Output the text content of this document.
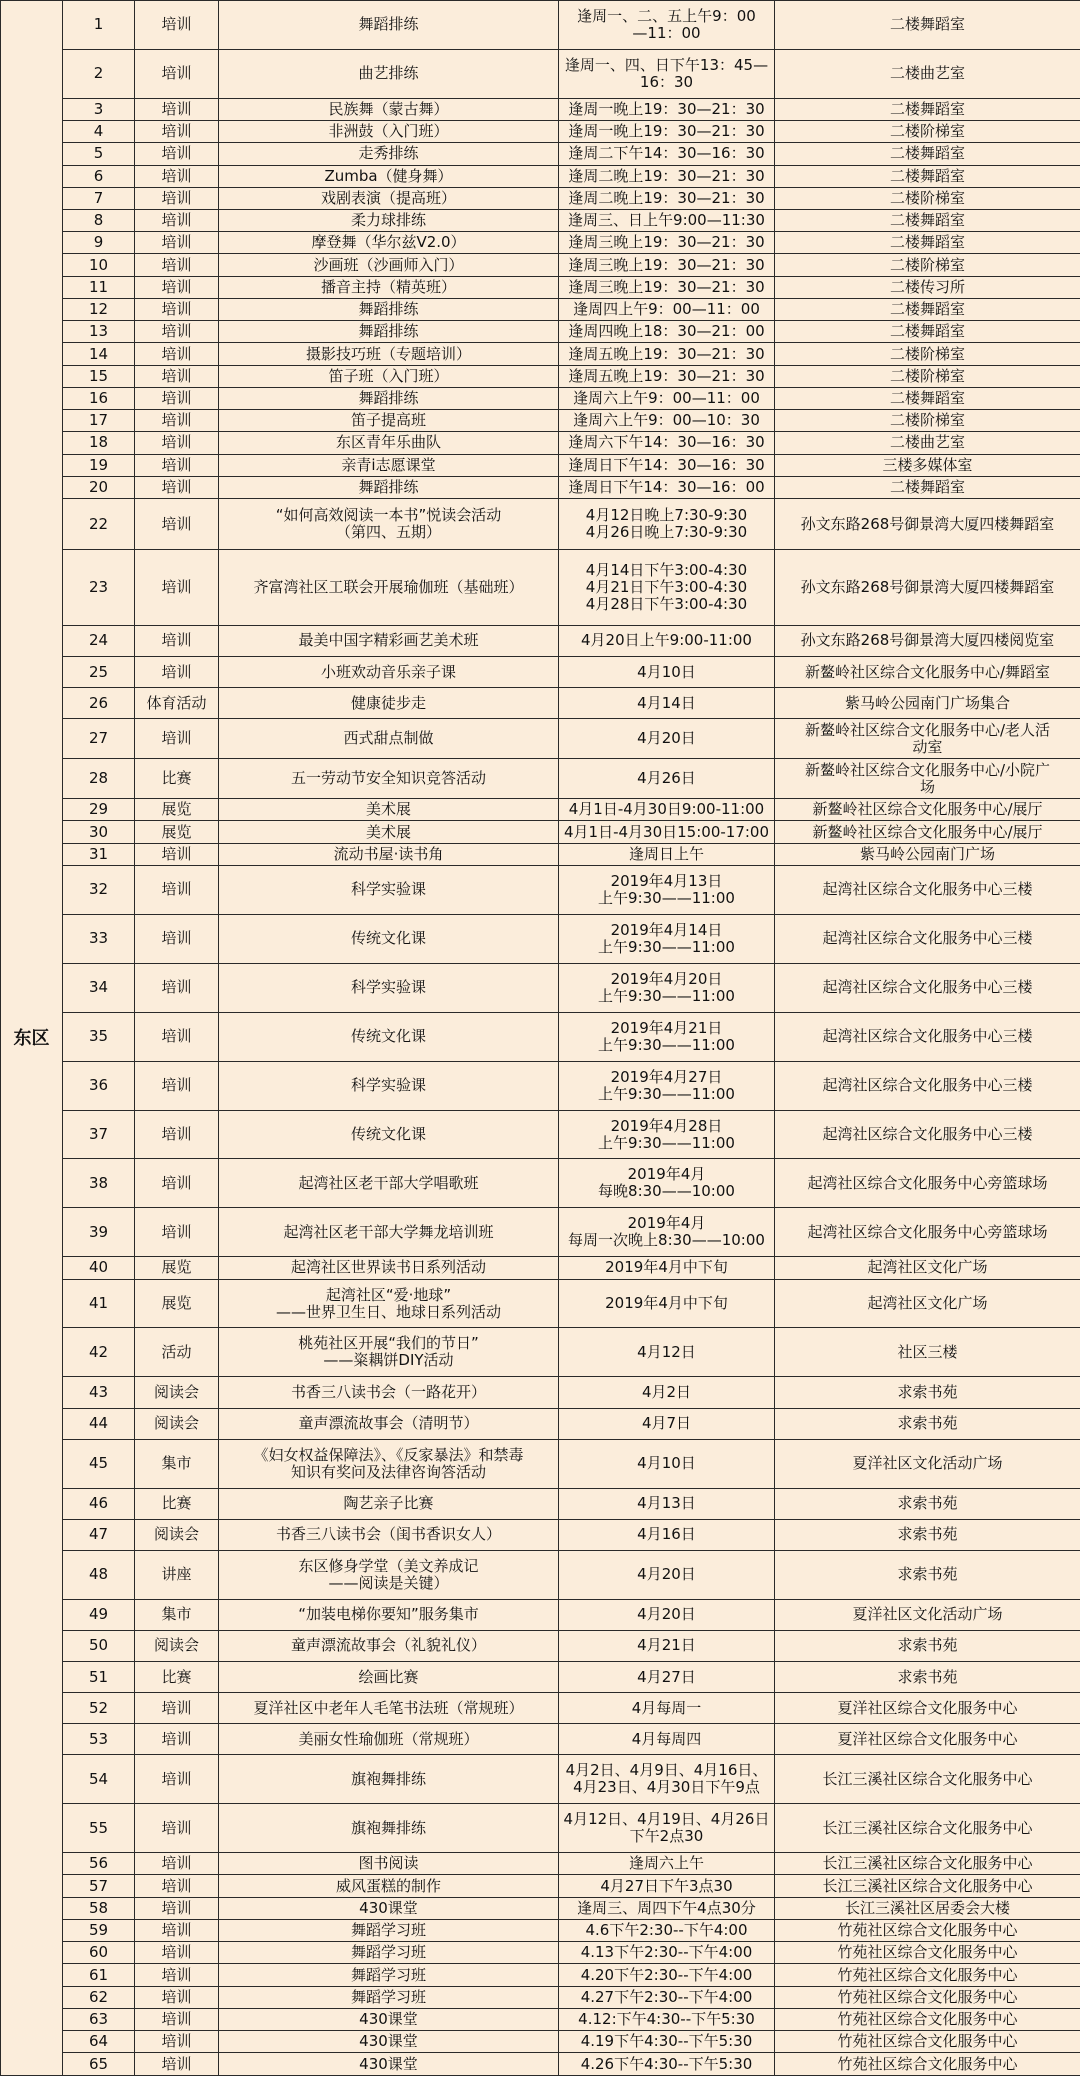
东区	1	培训	舞蹈排练	逢周一、二、五上午9：00
—11：00	二楼舞蹈室
	2	培训	曲艺排练	逢周一、四、日下午13：45—
16：30	二楼曲艺室
	3	培训	民族舞（蒙古舞）	逢周一晚上19：30—21：30	二楼舞蹈室
	4	培训	非洲鼓（入门班）	逢周一晚上19：30—21：30	二楼阶梯室
	5	培训	走秀排练	逢周二下午14：30—16：30	二楼舞蹈室
	6	培训	Zumba（健身舞）	逢周二晚上19：30—21：30	二楼舞蹈室
	7	培训	戏剧表演（提高班）	逢周二晚上19：30—21：30	二楼阶梯室
	8	培训	柔力球排练	逢周三、日上午9:00—11:30	二楼舞蹈室
	9	培训	摩登舞（华尔兹V2.0）	逢周三晚上19：30—21：30	二楼舞蹈室
	10	培训	沙画班（沙画师入门）	逢周三晚上19：30—21：30	二楼阶梯室
	11	培训	播音主持（精英班）	逢周三晚上19：30—21：30	二楼传习所
	12	培训	舞蹈排练	逢周四上午9：00—11：00	二楼舞蹈室
	13	培训	舞蹈排练	逢周四晚上18：30—21：00	二楼舞蹈室
	14	培训	摄影技巧班（专题培训）	逢周五晚上19：30—21：30	二楼阶梯室
	15	培训	笛子班（入门班）	逢周五晚上19：30—21：30	二楼阶梯室
	16	培训	舞蹈排练	逢周六上午9：00—11：00	二楼舞蹈室
	17	培训	笛子提高班	逢周六上午9：00—10：30	二楼阶梯室
	18	培训	东区青年乐曲队	逢周六下午14：30—16：30	二楼曲艺室
	19	培训	亲青i志愿课堂	逢周日下午14：30—16：30	三楼多媒体室
	20	培训	舞蹈排练	逢周日下午14：30—16：00	二楼舞蹈室
	22	培训	“如何高效阅读一本书”悦读会活动
（第四、五期）	4月12日晚上7:30-9:30
4月26日晚上7:30-9:30	孙文东路268号御景湾大厦四楼舞蹈室
	23	培训	齐富湾社区工联会开展瑜伽班（基础班）	4月14日下午3:00-4:30
4月21日下午3:00-4:30
4月28日下午3:00-4:30	孙文东路268号御景湾大厦四楼舞蹈室
	24	培训	最美中国字精彩画艺美术班	4月20日上午9:00-11:00	孙文东路268号御景湾大厦四楼阅览室
	25	培训	小班欢动音乐亲子课	4月10日	新鳌岭社区综合文化服务中心/舞蹈室
	26	体育活动	健康徒步走	4月14日	紫马岭公园南门广场集合
	27	培训	西式甜点制做	4月20日	新鳌岭社区综合文化服务中心/老人活
动室
	28	比赛	五一劳动节安全知识竞答活动	4月26日	新鳌岭社区综合文化服务中心/小院广
场
	29	展览	美术展	4月1日-4月30日9:00-11:00	新鳌岭社区综合文化服务中心/展厅
	30	展览	美术展	4月1日-4月30日15:00-17:00	新鳌岭社区综合文化服务中心/展厅
	31	培训	流动书屋·读书角	逢周日上午	紫马岭公园南门广场
	32	培训	科学实验课	2019年4月13日
上午9:30——11:00	起湾社区综合文化服务中心三楼
	33	培训	传统文化课	2019年4月14日
上午9:30——11:00	起湾社区综合文化服务中心三楼
	34	培训	科学实验课	2019年4月20日
上午9:30——11:00	起湾社区综合文化服务中心三楼
	35	培训	传统文化课	2019年4月21日
上午9:30——11:00	起湾社区综合文化服务中心三楼
	36	培训	科学实验课	2019年4月27日
上午9:30——11:00	起湾社区综合文化服务中心三楼
	37	培训	传统文化课	2019年4月28日
上午9:30——11:00	起湾社区综合文化服务中心三楼
	38	培训	起湾社区老干部大学唱歌班	2019年4月
每晚8:30——10:00	起湾社区综合文化服务中心旁篮球场
	39	培训	起湾社区老干部大学舞龙培训班	2019年4月
每周一次晚上8:30——10:00	起湾社区综合文化服务中心旁篮球场
	40	展览	起湾社区世界读书日系列活动	2019年4月中下旬	起湾社区文化广场
	41	展览	起湾社区“爱·地球”
——世界卫生日、地球日系列活动	2019年4月中下旬	起湾社区文化广场
	42	活动	桃苑社区开展“我们的节日”
——粢耦饼DIY活动	4月12日	社区三楼
	43	阅读会	书香三八读书会（一路花开）	4月2日	求索书苑
	44	阅读会	童声漂流故事会（清明节）	4月7日	求索书苑
	45	集市	《妇女权益保障法》、《反家暴法》和禁毒
知识有奖问及法律咨询答活动	4月10日	夏洋社区文化活动广场
	46	比赛	陶艺亲子比赛	4月13日	求索书苑
	47	阅读会	书香三八读书会（闺书香识女人）	4月16日	求索书苑
	48	讲座	东区修身学堂（美文养成记
——阅读是关键）	4月20日	求索书苑
	49	集市	“加装电梯你要知”服务集市	4月20日	夏洋社区文化活动广场
	50	阅读会	童声漂流故事会（礼貌礼仪）	4月21日	求索书苑
	51	比赛	绘画比赛	4月27日	求索书苑
	52	培训	夏洋社区中老年人毛笔书法班（常规班）	4月每周一	夏洋社区综合文化服务中心
	53	培训	美丽女性瑜伽班（常规班）	4月每周四	夏洋社区综合文化服务中心
	54	培训	旗袍舞排练	4月2日、4月9日、4月16日、
4月23日、4月30日下午9点	长江三溪社区综合文化服务中心
	55	培训	旗袍舞排练	4月12日、4月19日、4月26日
下午2点30	长江三溪社区综合文化服务中心
	56	培训	图书阅读	逢周六上午	长江三溪社区综合文化服务中心
	57	培训	威风蛋糕的制作	4月27日下午3点30	长江三溪社区综合文化服务中心
	58	培训	430课堂	逢周三、周四下午4点30分	长江三溪社区居委会大楼
	59	培训	舞蹈学习班	4.6下午2:30--下午4:00	竹苑社区综合文化服务中心
	60	培训	舞蹈学习班	4.13下午2:30--下午4:00	竹苑社区综合文化服务中心
	61	培训	舞蹈学习班	4.20下午2:30--下午4:00	竹苑社区综合文化服务中心
	62	培训	舞蹈学习班	4.27下午2:30--下午4:00	竹苑社区综合文化服务中心
	63	培训	430课堂	4.12:下午4:30--下午5:30	竹苑社区综合文化服务中心
	64	培训	430课堂	4.19下午4:30--下午5:30	竹苑社区综合文化服务中心
	65	培训	430课堂	4.26下午4:30--下午5:30	竹苑社区综合文化服务中心
